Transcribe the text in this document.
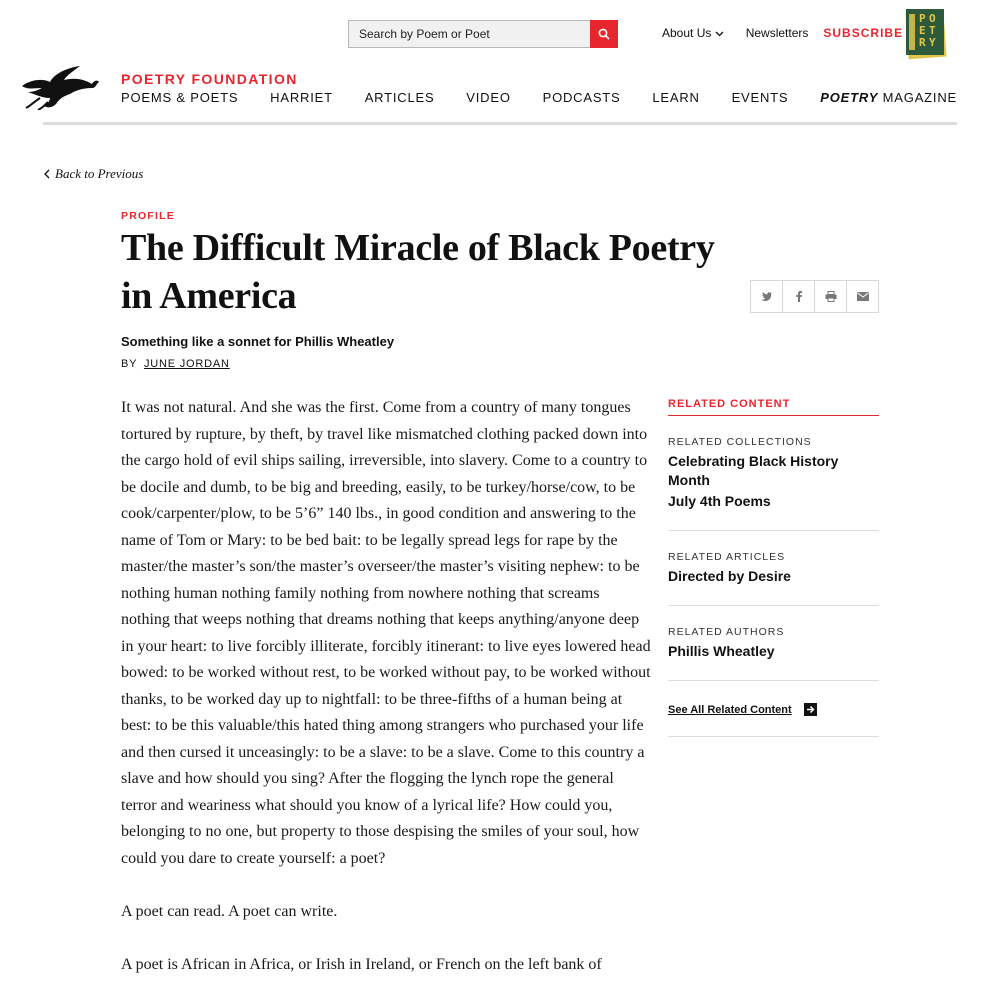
Search by Poem or Poet
About Us	Newsletters SUBSCRIBE
P O
E T
R Y
POETRY FOUNDATION
POEMS & POETS HARRIET ARTICLES VIDEO PODCASTS LEARN EVENTS POETRY MAGAZINE
Back to Previous
PROFILE
The Difficult Miracle of Black Poetry in America
Something like a sonnet for Phillis Wheatley
BY JUNE JORDAN

It was not natural. And she was the first. Come from a country of many tongues tortured by rupture, by theft, by travel like mismatched clothing packed down into the cargo hold of evil ships sailing, irreversible, into slavery. Come to a country to be docile and dumb, to be big and breeding, easily, to be turkey/horse/cow, to be cook/carpenter/plow, to be 5’6” 140 lbs., in good condition and answering to the name of Tom or Mary: to be bed bait: to be legally spread legs for rape by the master/the master’s son/the master’s overseer/the master’s visiting nephew: to be nothing human nothing family nothing from nowhere nothing that screams nothing that weeps nothing that dreams nothing that keeps anything/anyone deep in your heart: to live forcibly illiterate, forcibly itinerant: to live eyes lowered head bowed: to be worked without rest, to be worked without pay, to be worked without thanks, to be worked day up to nightfall: to be three-fifths of a human being at best: to be this valuable/this hated thing among strangers who purchased your life and then cursed it unceasingly: to be a slave: to be a slave. Come to this country a slave and how should you sing? After the flogging the lynch rope the general terror and weariness what should you know of a lyrical life? How could you, belonging to no one, but property to those despising the smiles of your soul, how could you dare to create yourself: a poet?

A poet can read. A poet can write.

A poet is African in Africa, or Irish in Ireland, or French on the left bank of

RELATED CONTENT
RELATED COLLECTIONS
Celebrating Black History Month
July 4th Poems
RELATED ARTICLES
Directed by Desire
RELATED AUTHORS
Phillis Wheatley
See All Related Content
